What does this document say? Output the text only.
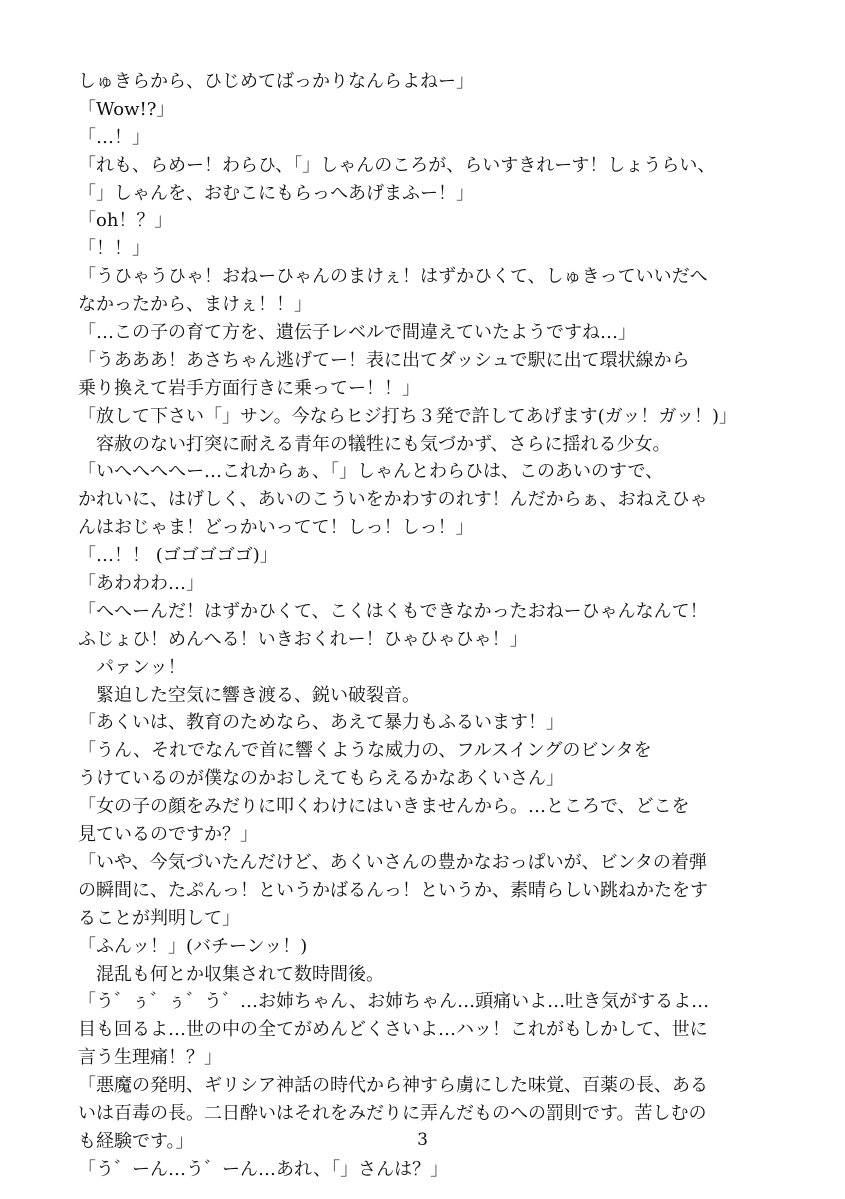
しゅきらから、ひじめてばっかりなんらよねー」
「Wow!?」
「…！」
「れも、らめー！わらひ、「」しゃんのころが、らいすきれーす！しょうらい、
「」しゃんを、おむこにもらっへあげまふー！」
「oh！？」
「！！」
「うひゃうひゃ！おねーひゃんのまけぇ！はずかひくて、しゅきっていいだへ
なかったから、まけぇ！！」
「…この子の育て方を、遺伝子レベルで間違えていたようですね…」
「うあああ！あさちゃん逃げてー！表に出てダッシュで駅に出て環状線から
乗り換えて岩手方面行きに乗ってー！！」
「放して下さい「」サン。今ならヒジ打ち３発で許してあげます(ガッ！ガッ！)」
　容赦のない打突に耐える青年の犠牲にも気づかず、さらに揺れる少女。
「いへへへへー…これからぁ、「」しゃんとわらひは、このあいのすで、
かれいに、はげしく、あいのこういをかわすのれす！んだからぁ、おねえひゃ
んはおじゃま！どっかいってて！しっ！しっ！」
「…！！ (ゴゴゴゴゴ)」
「あわわわ…」
「へへーんだ！はずかひくて、こくはくもできなかったおねーひゃんなんて！
ふじょひ！めんへる！いきおくれー！ひゃひゃひゃ！」
　パァンッ！
　緊迫した空気に響き渡る、鋭い破裂音。
「あくいは、教育のためなら、あえて暴力もふるいます！」
「うん、それでなんで首に響くような威力の、フルスイングのビンタを
うけているのが僕なのかおしえてもらえるかなあくいさん」
「女の子の顔をみだりに叩くわけにはいきませんから。…ところで、どこを
見ているのですか？」
「いや、今気づいたんだけど、あくいさんの豊かなおっぱいが、ビンタの着弾
の瞬間に、たぷんっ！というかばるんっ！というか、素晴らしい跳ねかたをす
ることが判明して」
「ふんッ！」(バチーンッ！)
　混乱も何とか収集されて数時間後。
「う゛ぅ゛ぅ゛う゛…お姉ちゃん、お姉ちゃん…頭痛いよ…吐き気がするよ…
目も回るよ…世の中の全てがめんどくさいよ…ハッ！これがもしかして、世に
言う生理痛！？」
「悪魔の発明、ギリシア神話の時代から神すら虜にした味覚、百薬の長、ある
いは百毒の長。二日酔いはそれをみだりに弄んだものへの罰則です。苦しむの
も経験です。」
「う゛ーん…う゛ーん…あれ、「」さんは？」
3
